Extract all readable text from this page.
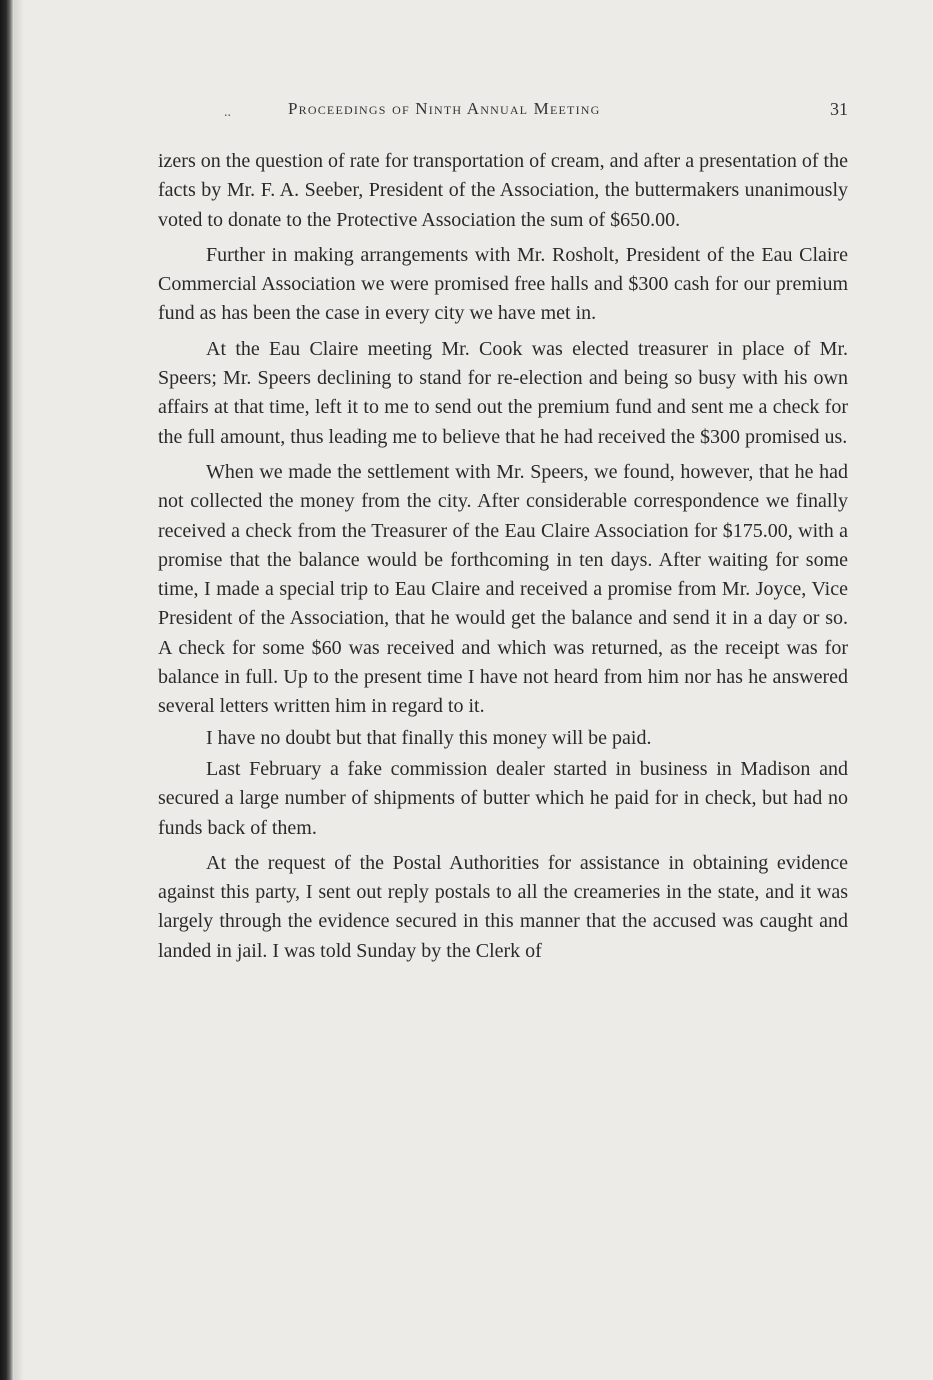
..	Proceedings of Ninth Annual Meeting	31

izers on the question of rate for transportation of cream, and after a presentation of the facts by Mr. F. A. Seeber, President of the Association, the buttermakers unanimously voted to donate to the Protective Association the sum of $650.00.

Further in making arrangements with Mr. Rosholt, President of the Eau Claire Commercial Association we were promised free halls and $300 cash for our premium fund as has been the case in every city we have met in.

At the Eau Claire meeting Mr. Cook was elected treasurer in place of Mr. Speers; Mr. Speers declining to stand for re-election and being so busy with his own affairs at that time, left it to me to send out the premium fund and sent me a check for the full amount, thus leading me to believe that he had received the $300 promised us.

When we made the settlement with Mr. Speers, we found, however, that he had not collected the money from the city. After considerable correspondence we finally received a check from the Treasurer of the Eau Claire Association for $175.00, with a promise that the balance would be forthcoming in ten days. After waiting for some time, I made a special trip to Eau Claire and received a promise from Mr. Joyce, Vice President of the Association, that he would get the balance and send it in a day or so. A check for some $60 was received and which was returned, as the receipt was for balance in full. Up to the present time I have not heard from him nor has he answered several letters written him in regard to it.

I have no doubt but that finally this money will be paid.

Last February a fake commission dealer started in business in Madison and secured a large number of shipments of butter which he paid for in check, but had no funds back of them.

At the request of the Postal Authorities for assistance in obtaining evidence against this party, I sent out reply postals to all the creameries in the state, and it was largely through the evidence secured in this manner that the accused was caught and landed in jail. I was told Sunday by the Clerk of
